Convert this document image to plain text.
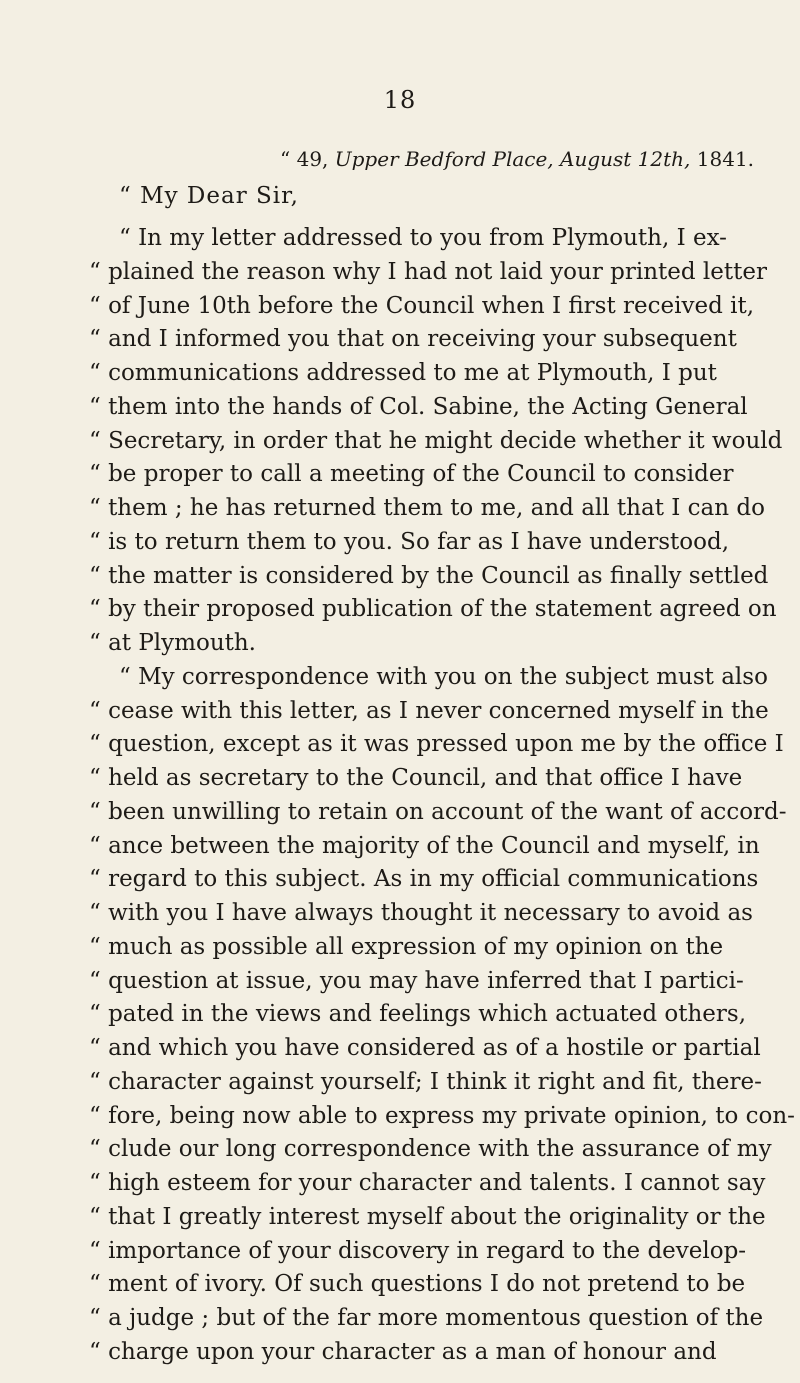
18
“ 49, Upper Bedford Place, August 12th, 1841.
“ My Dear Sir,
“ In my letter addressed to you from Plymouth, I ex-
“ plained the reason why I had not laid your printed letter
“ of June 10th before the Council when I first received it,
“ and I informed you that on receiving your subsequent
“ communications addressed to me at Plymouth, I put
“ them into the hands of Col. Sabine, the Acting General
“ Secretary, in order that he might decide whether it would
“ be proper to call a meeting of the Council to consider
“ them ; he has returned them to me, and all that I can do
“ is to return them to you. So far as I have understood,
“ the matter is considered by the Council as finally settled
“ by their proposed publication of the statement agreed on
“ at Plymouth.
“ My correspondence with you on the subject must also
“ cease with this letter, as I never concerned myself in the
“ question, except as it was pressed upon me by the office I
“ held as secretary to the Council, and that office I have
“ been unwilling to retain on account of the want of accord-
“ ance between the majority of the Council and myself, in
“ regard to this subject. As in my official communications
“ with you I have always thought it necessary to avoid as
“ much as possible all expression of my opinion on the
“ question at issue, you may have inferred that I partici-
“ pated in the views and feelings which actuated others,
“ and which you have considered as of a hostile or partial
“ character against yourself; I think it right and fit, there-
“ fore, being now able to express my private opinion, to con-
“ clude our long correspondence with the assurance of my
“ high esteem for your character and talents. I cannot say
“ that I greatly interest myself about the originality or the
“ importance of your discovery in regard to the develop-
“ ment of ivory. Of such questions I do not pretend to be
“ a judge ; but of the far more momentous question of the
“ charge upon your character as a man of honour and
